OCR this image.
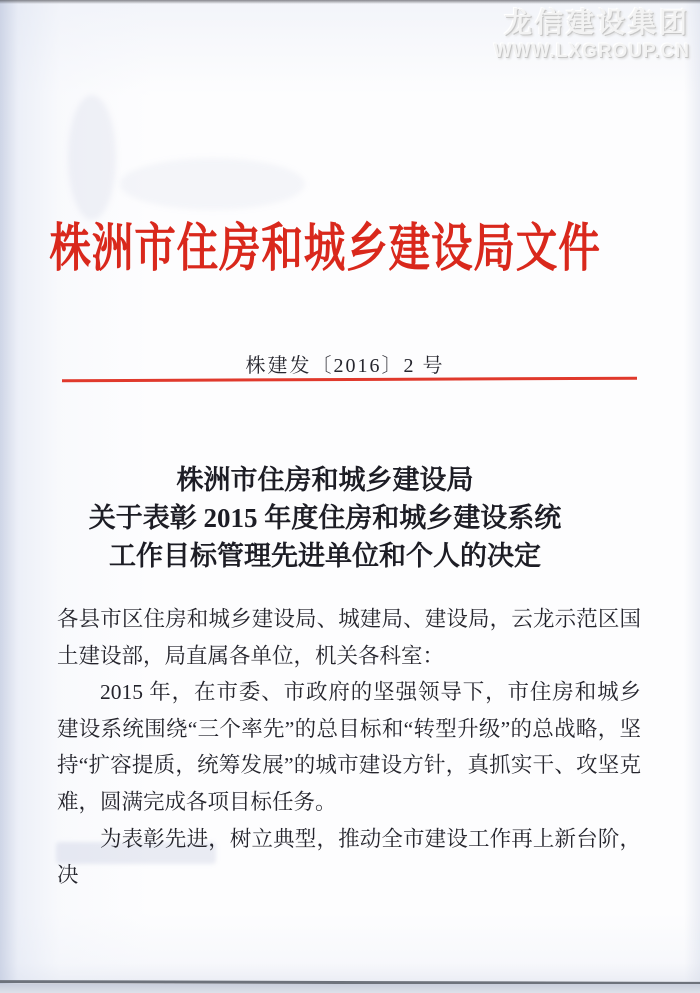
龙信建设集团
WWW.LXGROUP.CN
株洲市住房和城乡建设局文件
株建发〔2016〕2 号
株洲市住房和城乡建设局
关于表彰 2015 年度住房和城乡建设系统
工作目标管理先进单位和个人的决定

各县市区住房和城乡建设局、城建局、建设局，云龙示范区国土建设部，局直属各单位，机关各科室：

2015 年，在市委、市政府的坚强领导下，市住房和城乡建设系统围绕“三个率先”的总目标和“转型升级”的总战略，坚持“扩容提质，统筹发展”的城市建设方针，真抓实干、攻坚克难，圆满完成各项目标任务。

为表彰先进，树立典型，推动全市建设工作再上新台阶，决
